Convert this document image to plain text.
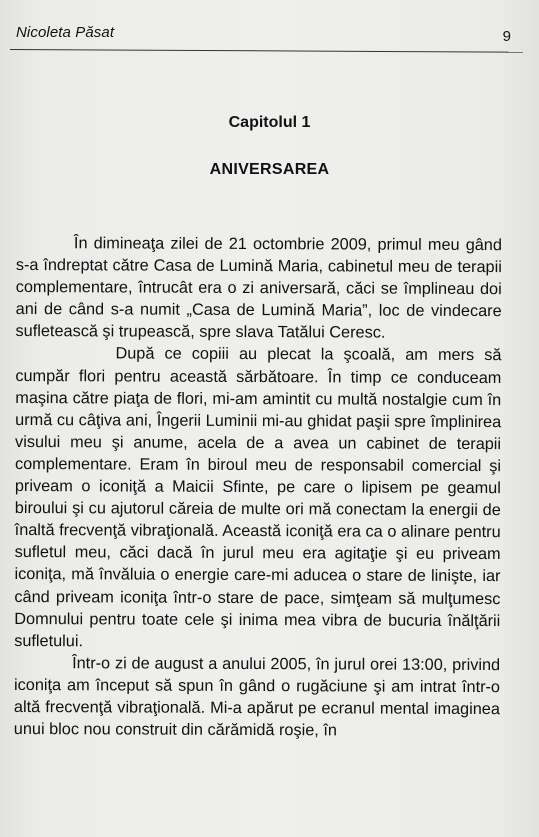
Nicoleta Păsat	9
Capitolul 1
ANIVERSAREA

În dimineaţa zilei de 21 octombrie 2009, primul meu gând s-a îndreptat către Casa de Lumină Maria, cabinetul meu de terapii complementare, întrucât era o zi aniversară, căci se împlineau doi ani de când s-a numit „Casa de Lumină Maria”, loc de vindecare sufletească şi trupească, spre slava Tatălui Ceresc.

După ce copiii au plecat la şcoală, am mers să cumpăr flori pentru această sărbătoare. În timp ce conduceam maşina către piaţa de flori, mi-am amintit cu multă nostalgie cum în urmă cu câţiva ani, Îngerii Luminii mi-au ghidat paşii spre împlinirea visului meu şi anume, acela de a avea un cabinet de terapii complementare. Eram în biroul meu de responsabil comercial şi priveam o iconiţă a Maicii Sfinte, pe care o lipisem pe geamul biroului şi cu ajutorul căreia de multe ori mă conectam la energii de înaltă frecvenţă vibraţională. Această iconiţă era ca o alinare pentru sufletul meu, căci dacă în jurul meu era agitaţie şi eu priveam iconiţa, mă învăluia o energie care-mi aducea o stare de linişte, iar când priveam iconiţa într-o stare de pace, simţeam să mulţumesc Domnului pentru toate cele şi inima mea vibra de bucuria înălţării sufletului.

Într-o zi de august a anului 2005, în jurul orei 13:00, privind iconiţa am început să spun în gând o rugăciune şi am intrat într-o altă frecvenţă vibraţională. Mi-a apărut pe ecranul mental imaginea unui bloc nou construit din cărămidă roşie, în
